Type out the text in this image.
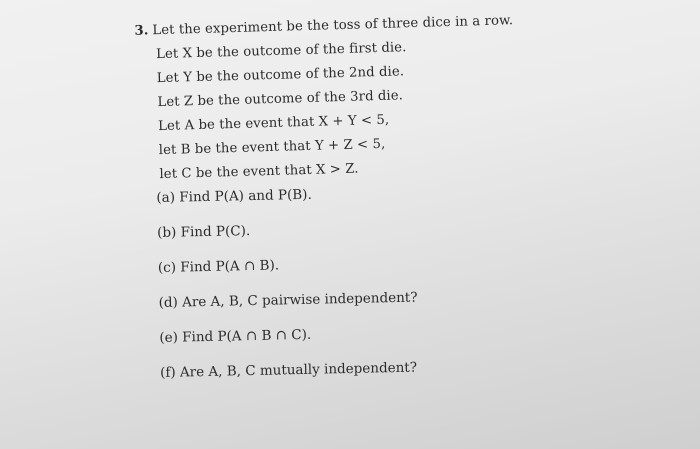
3. Let the experiment be the toss of three dice in a row.
Let X be the outcome of the first die.
Let Y be the outcome of the 2nd die.
Let Z be the outcome of the 3rd die.
Let A be the event that X + Y < 5,
let B be the event that Y + Z < 5,
let C be the event that X > Z.
(a) Find P(A) and P(B).
(b) Find P(C).
(c) Find P(A ∩ B).
(d) Are A, B, C pairwise independent?
(e) Find P(A ∩ B ∩ C).
(f) Are A, B, C mutually independent?
